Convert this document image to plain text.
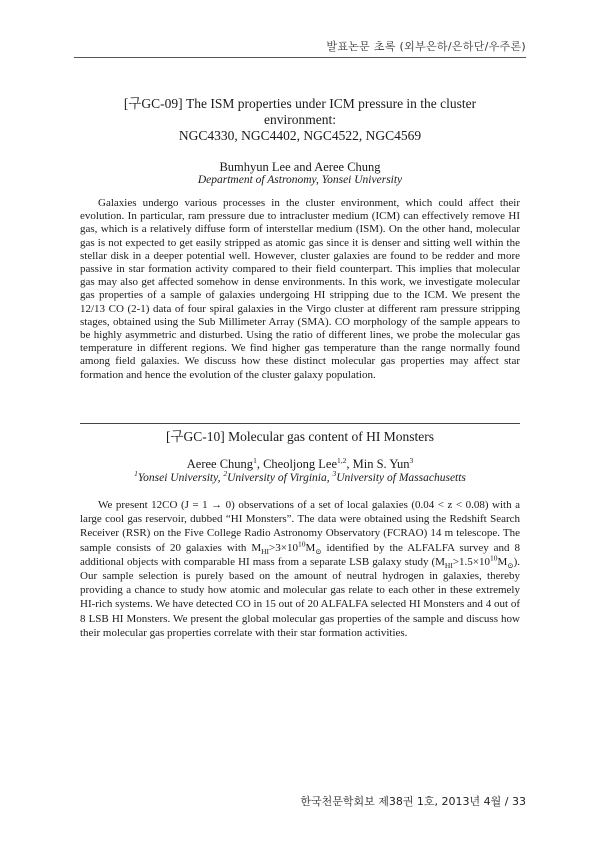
발표논문 초록 (외부은하/은하단/우주론)
[구GC-09] The ISM properties under ICM pressure in the cluster
environment:
NGC4330, NGC4402, NGC4522, NGC4569
Bumhyun Lee and Aeree Chung
Department of Astronomy, Yonsei University
Galaxies undergo various processes in the cluster environment, which could affect their evolution. In particular, ram pressure due to intracluster medium (ICM) can effectively remove HI gas, which is a relatively diffuse form of interstellar medium (ISM). On the other hand, molecular gas is not expected to get easily stripped as atomic gas since it is denser and sitting well within the stellar disk in a deeper potential well. However, cluster galaxies are found to be redder and more passive in star formation activity compared to their field counterpart. This implies that molecular gas may also get affected somehow in dense environments. In this work, we investigate molecular gas properties of a sample of galaxies undergoing HI stripping due to the ICM. We present the 12/13 CO (2-1) data of four spiral galaxies in the Virgo cluster at different ram pressure stripping stages, obtained using the Sub Millimeter Array (SMA). CO morphology of the sample appears to be highly asymmetric and disturbed. Using the ratio of different lines, we probe the molecular gas temperature in different regions. We find higher gas temperature than the range normally found among field galaxies. We discuss how these distinct molecular gas properties may affect star formation and hence the evolution of the cluster galaxy population.
[구GC-10] Molecular gas content of HI Monsters
Aeree Chung$^1$, Cheoljong Lee$^{1,2}$, Min S. Yun$^3$
$^1$Yonsei University, $^2$University of Virginia, $^3$University of Massachusetts
We present 12CO (J = 1 → 0) observations of a set of local galaxies (0.04 < z < 0.08) with a large cool gas reservoir, dubbed “HI Monsters”. The data were obtained using the Redshift Search Receiver (RSR) on the Five College Radio Astronomy Observatory (FCRAO) 14 m telescope. The sample consists of 20 galaxies with $M_{HI}>3\times 10^{10}M_⊙$ identified by the ALFALFA survey and 8 additional objects with comparable HI mass from a separate LSB galaxy study $(M_{HI}>1.5\times 10^{10}M_⊙)$. Our sample selection is purely based on the amount of neutral hydrogen in galaxies, thereby providing a chance to study how atomic and molecular gas relate to each other in these extremely HI-rich systems. We have detected CO in 15 out of 20 ALFALFA selected HI Monsters and 4 out of 8 LSB HI Monsters. We present the global molecular gas properties of the sample and discuss how their molecular gas properties correlate with their star formation activities.
한국천문학회보 제38권 1호, 2013년 4월 / 33
